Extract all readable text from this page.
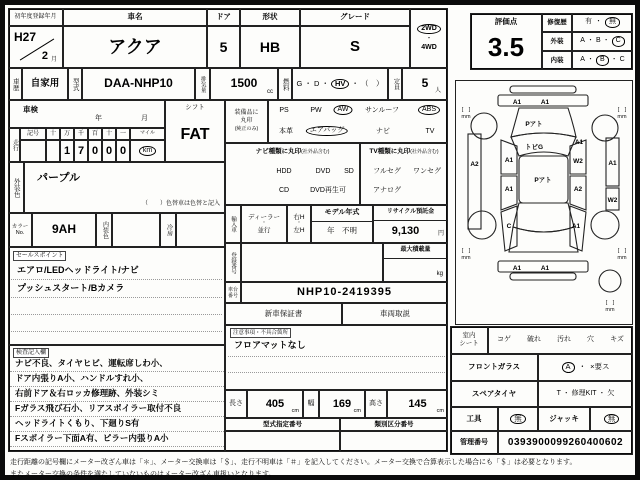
初年度登録年月	車名	ドア	形状	グレード
H27
2 月
アクア	5	HB	S
2WD
・
4WD
車歴	自家用	型式	DAA-NHP10	排気量	1500
cc
燃料	G ・ D ・ HV ・ （　）	定員 5
人
車検
年	月
走行
記号	十	万	千	百	十	一	マイル
1 7 0 0 0	km
シフト
FAT
装備品に
丸印
(純正のみ)
PS	PW	AW	サンルーフ	ABS
本革	エアバッグ	ナビ	TV
ナビ種類に丸印(社外品含む)
HDD	DVD SD
CD	DVD再生可
TV種類に丸印(社外品含む)
フルセグ ワンセグ
アナログ
外装色	パープル
（　　）色替車は色替と記入
カラー
No.	9AH	内装色	冷房
セールスポイント
エアロ/LEDヘッドライト/ナビ
プッシュスタート/Bカメラ
検査記入欄
ナビ不良、タイヤヒビ、運転席しわ小、
ドア内張りA小、ハンドルすれ小、
右前ドア＆右ロッカ修理跡、外装シミ
Fガラス飛び石小、リアスポイラー取付不良
ヘッドライトくもり、下廻りS有
Fスポイラー下面A有、ピラー内張りA小
輸入車	ディーラー
・
並行
右H
・
左H
モデル年式
年　不明
リサイクル預託金
9,130	円
登録番号
最大積載量
kg
車台
番号	NHP10-2419395
新車保証書	車両取説
注意事項・不具合箇所
フロアマットなし
長さ	405
cm
幅	169
cm
高さ	145
cm
型式指定番号	類別区分番号
評価点
3.5
修復歴	有 ・	無
外装	A ・ B ・ C
内装	A ・ B ・ C
A1	A1
Pアト
トビG
Pアト
A2
A1
A1
C
A1
W2
A2
A1
A1
W2
A1	A1
[　]
mm
[　]
mm
[　]
mm
[　]
mm
[　]
mm
室内
シート
コゲ 破れ 汚れ 穴 キズ
フロントガラス	A	・ ×要ス
スペアタイヤ	T ・ 修理KIT ・ 欠
工具	無	ジャッキ	無
管理番号	0393900099260400602
走行距離の記号欄にメーター改ざん車は「＊」、メーター交換車は「＄」、走行不明車は「＃」を記入してください。メーター交換で合算表示した場合にも「＄」は必要となります。
またメーター交換の条件を満たしていないものはメーター改ざん車扱いとなります。
